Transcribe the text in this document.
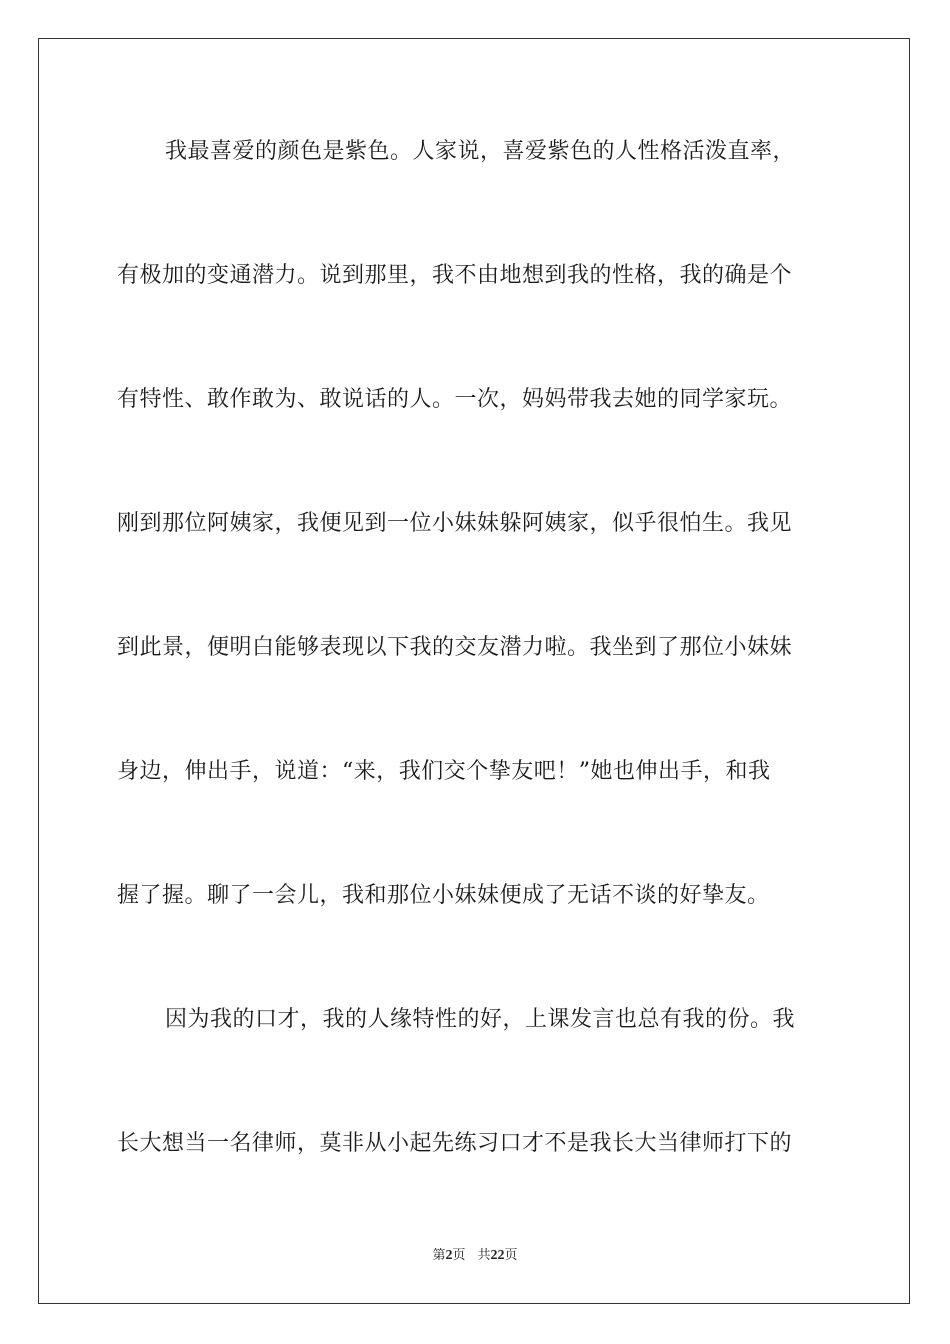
我最喜爱的颜色是紫色。人家说，喜爱紫色的人性格活泼直率，
有极加的变通潜力。说到那里，我不由地想到我的性格，我的确是个
有特性、敢作敢为、敢说话的人。一次，妈妈带我去她的同学家玩。
刚到那位阿姨家，我便见到一位小妹妹躲阿姨家，似乎很怕生。我见
到此景，便明白能够表现以下我的交友潜力啦。我坐到了那位小妹妹
身边，伸出手，说道：“来，我们交个挚友吧！”她也伸出手，和我
握了握。聊了一会儿，我和那位小妹妹便成了无话不谈的好挚友。
因为我的口才，我的人缘特性的好，上课发言也总有我的份。我
长大想当一名律师，莫非从小起先练习口才不是我长大当律师打下的
第2页 共22页
